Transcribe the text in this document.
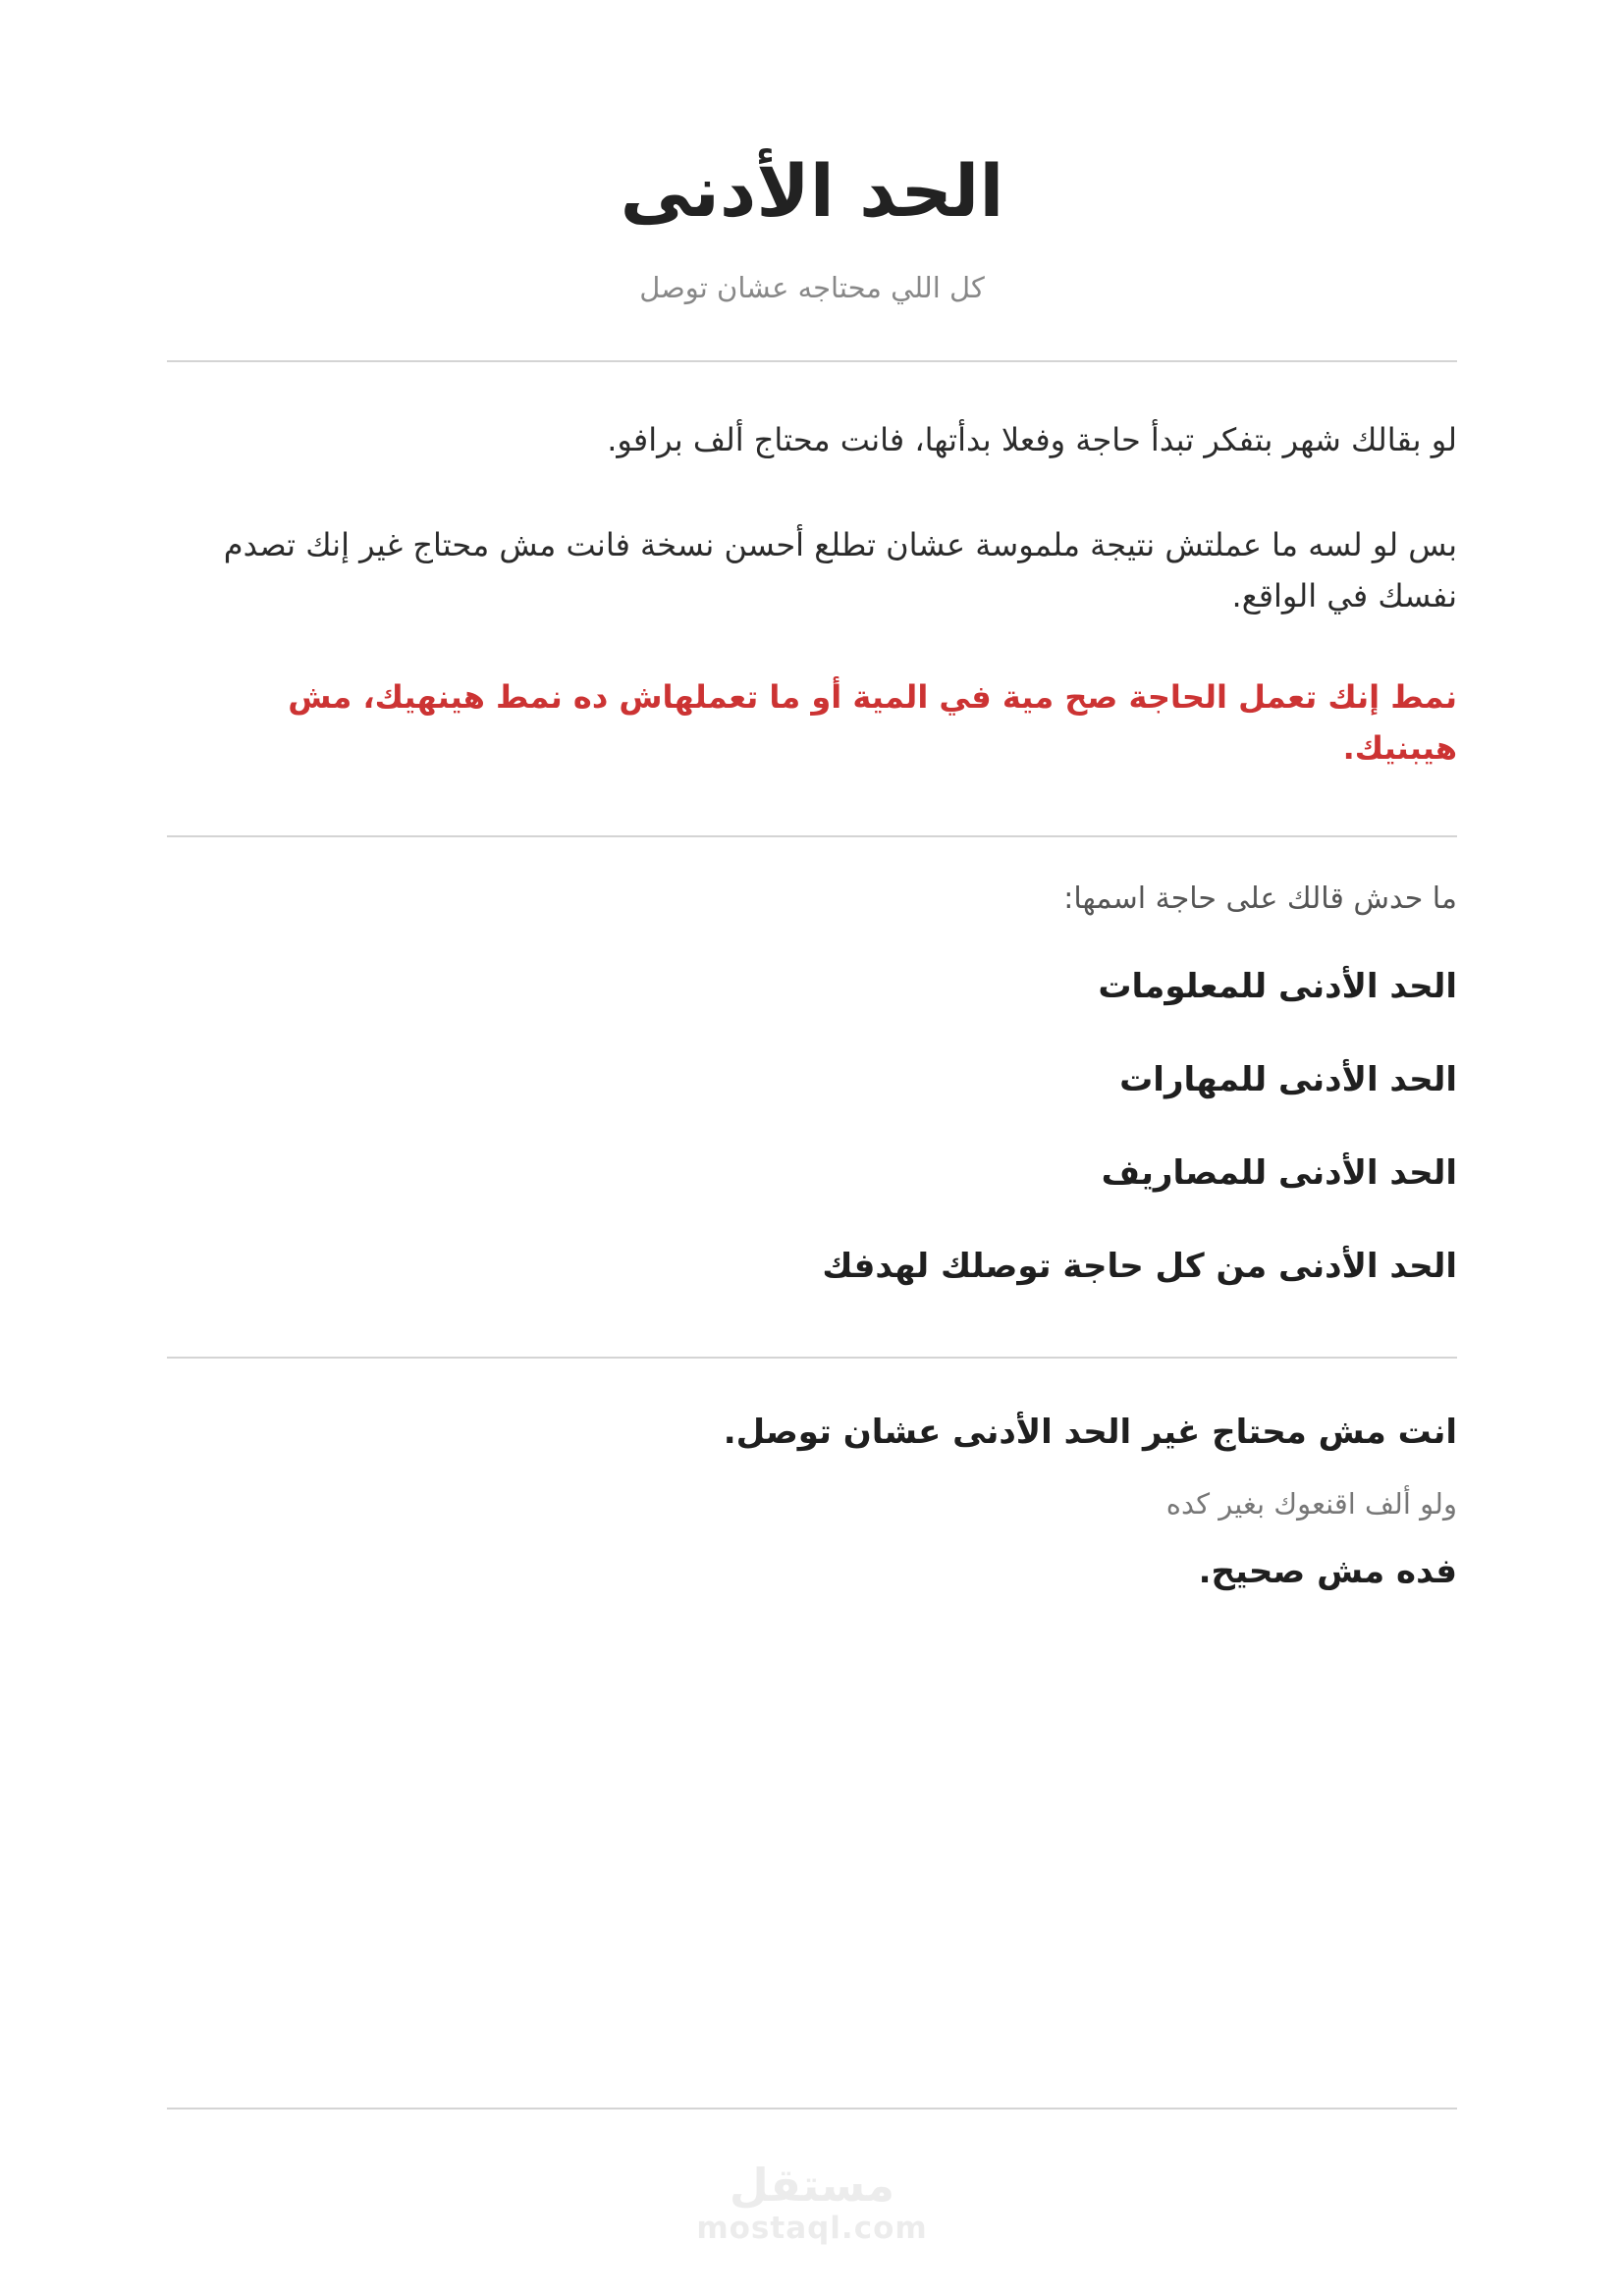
الحد الأدنى

كل اللي محتاجه عشان توصل

لو بقالك شهر بتفكر تبدأ حاجة وفعلا بدأتها، فانت محتاج ألف برافو.

بس لو لسه ما عملتش نتيجة ملموسة عشان تطلع أحسن نسخة فانت مش محتاج غير إنك تصدم نفسك في الواقع.

نمط إنك تعمل الحاجة صح مية في المية أو ما تعملهاش ده نمط هينهيك، مش هيبنيك.

ما حدش قالك على حاجة اسمها:

الحد الأدنى للمعلومات
الحد الأدنى للمهارات
الحد الأدنى للمصاريف
الحد الأدنى من كل حاجة توصلك لهدفك

انت مش محتاج غير الحد الأدنى عشان توصل.

ولو ألف اقنعوك بغير كده

فده مش صحيح.

مستقل
mostaql.com
